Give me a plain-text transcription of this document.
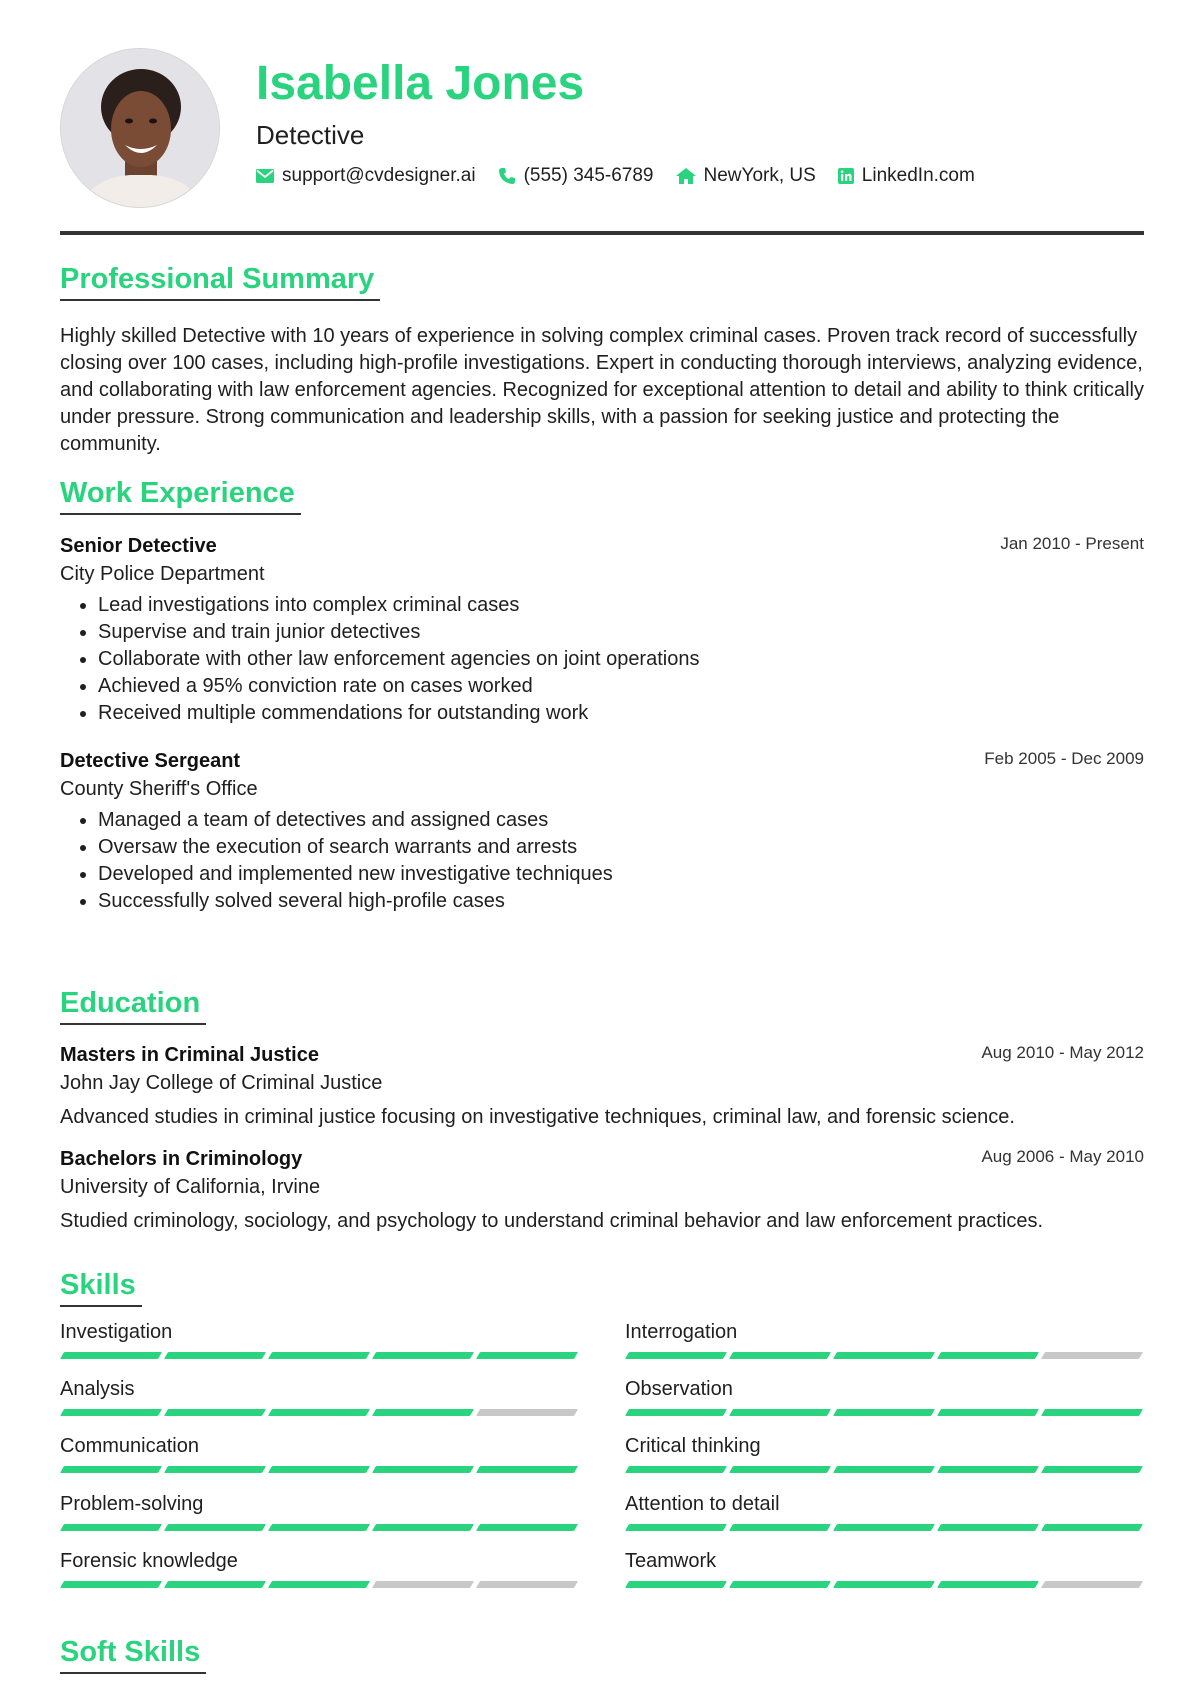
Isabella Jones
Detective
support@cvdesigner.ai	(555) 345-6789	NewYork, US LinkedIn.com
Professional Summary

Highly skilled Detective with 10 years of experience in solving complex criminal cases. Proven track record of successfully closing over 100 cases, including high-profile investigations. Expert in conducting thorough interviews, analyzing evidence, and collaborating with law enforcement agencies. Recognized for exceptional attention to detail and ability to think critically under pressure. Strong communication and leadership skills, with a passion for seeking justice and protecting the community.

Work Experience
Senior Detective	Jan 2010 - Present
City Police Department
• Lead investigations into complex criminal cases
• Supervise and train junior detectives
• Collaborate with other law enforcement agencies on joint operations
• Achieved a 95% conviction rate on cases worked
• Received multiple commendations for outstanding work
Detective Sergeant	Feb 2005 - Dec 2009
County Sheriff's Office
• Managed a team of detectives and assigned cases
• Oversaw the execution of search warrants and arrests
• Developed and implemented new investigative techniques
• Successfully solved several high-profile cases
Education
Masters in Criminal Justice	Aug 2010 - May 2012
John Jay College of Criminal Justice
Advanced studies in criminal justice focusing on investigative techniques, criminal law, and forensic science.
Bachelors in Criminology	Aug 2006 - May 2010
University of California, Irvine
Studied criminology, sociology, and psychology to understand criminal behavior and law enforcement practices.
Skills
Investigation	Interrogation
Analysis	Observation
Communication	Critical thinking
Problem-solving	Attention to detail
Forensic knowledge	Teamwork
Soft Skills
